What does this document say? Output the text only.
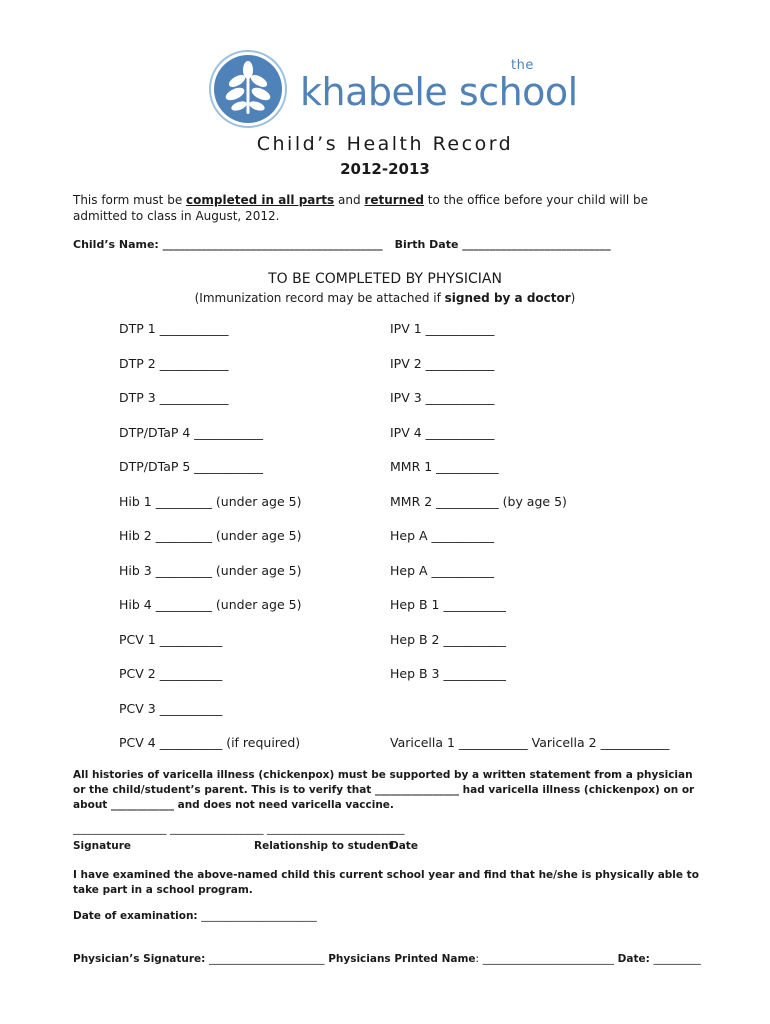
the
khabele school
Child’s Health Record
2012-2013
This form must be completed in all parts and returned to the office before your child will be admitted to class in August, 2012.
Child’s Name: ________________________________________ Birth Date ___________________________
TO BE COMPLETED BY PHYSICIAN
(Immunization record may be attached if signed by a doctor)
DTP 1 ___________
DTP 2 ___________
DTP 3 ___________
DTP/DTaP 4 ___________
DTP/DTaP 5 ___________
Hib 1 _________ (under age 5)
Hib 2 _________ (under age 5)
Hib 3 _________ (under age 5)
Hib 4 _________ (under age 5)
PCV 1 __________
PCV 2 __________
PCV 3 __________
PCV 4 __________ (if required)
IPV 1 ___________
IPV 2 ___________
IPV 3 ___________
IPV 4 ___________
MMR 1 __________
MMR 2 __________ (by age 5)
Hep A __________
Hep A __________
Hep B 1 __________
Hep B 2 __________
Hep B 3 __________
Varicella 1 ___________ Varicella 2 ___________
All histories of varicella illness (chickenpox) must be supported by a written statement from a physician or the child/student’s parent. This is to verify that ________________ had varicella illness (chickenpox) on or about ____________ and does not need varicella vaccine.
_________________ _________________ _________________________
Signature	Relationship to student
Date
I have examined the above-named child this current school year and find that he/she is physically able to take part in a school program.
Date of examination: ______________________
Physician’s Signature: ______________________ Physicians Printed Name: _________________________ Date: _________
